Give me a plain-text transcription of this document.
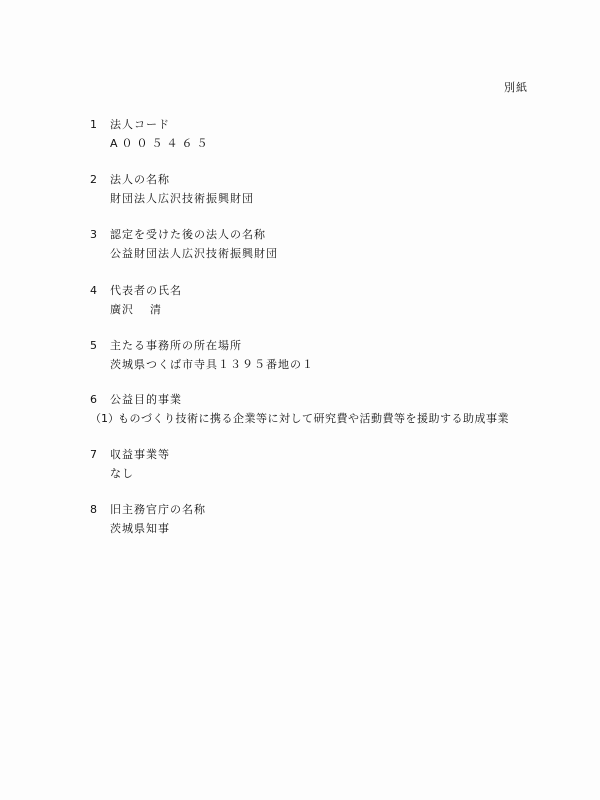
別紙
1	法人コード
A００５４６５
2	法人の名称
財団法人広沢技術振興財団
3	認定を受けた後の法人の名称
公益財団法人広沢技術振興財団
4	代表者の氏名
廣沢 清
5	主たる事務所の所在場所
茨城県つくば市寺具１３９５番地の１
6	公益目的事業
（1） ものづくり技術に携る企業等に対して研究費や活動費等を援助する助成事業
7	収益事業等
なし
8	旧主務官庁の名称
茨城県知事
